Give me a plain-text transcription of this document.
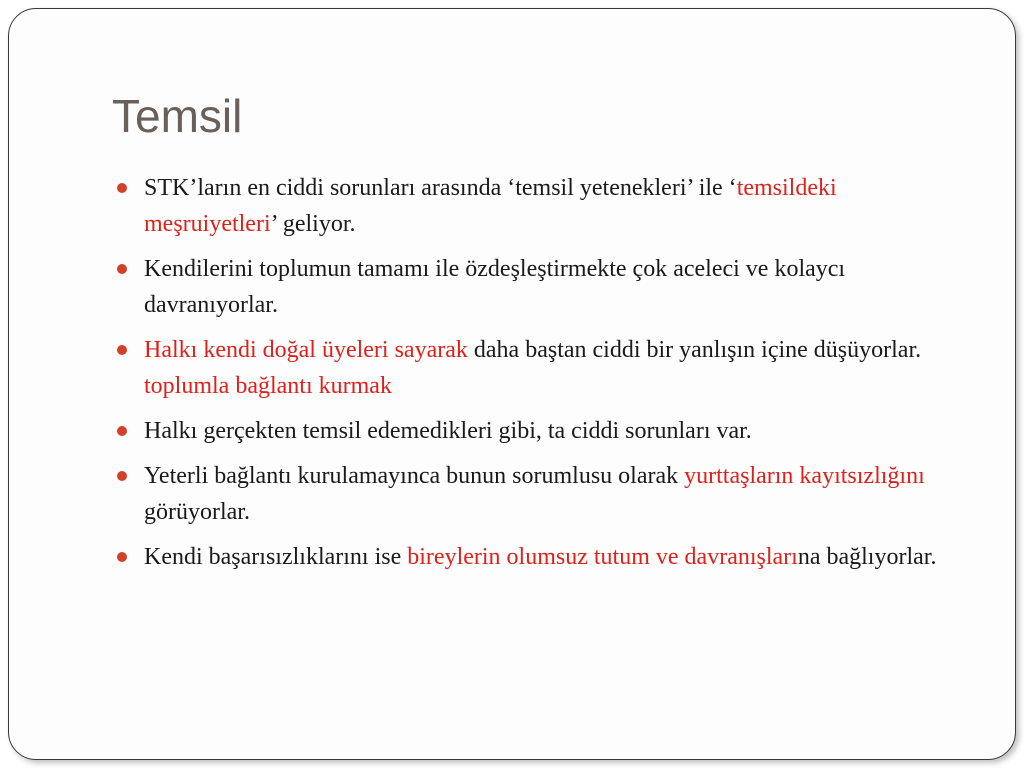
Temsil
STK’ların en ciddi sorunları arasında ‘temsil yetenekleri’ ile ‘temsildeki meşruiyetleri’ geliyor.
Kendilerini toplumun tamamı ile özdeşleştirmekte çok aceleci ve kolaycı davranıyorlar.
Halkı kendi doğal üyeleri sayarak daha baştan ciddi bir yanlışın içine düşüyorlar. toplumla bağlantı kurmak
Halkı gerçekten temsil edemedikleri gibi, ta ciddi sorunları var.
Yeterli bağlantı kurulamayınca bunun sorumlusu olarak yurttaşların kayıtsızlığını görüyorlar.
Kendi başarısızlıklarını ise bireylerin olumsuz tutum ve davranışlarına bağlıyorlar.
